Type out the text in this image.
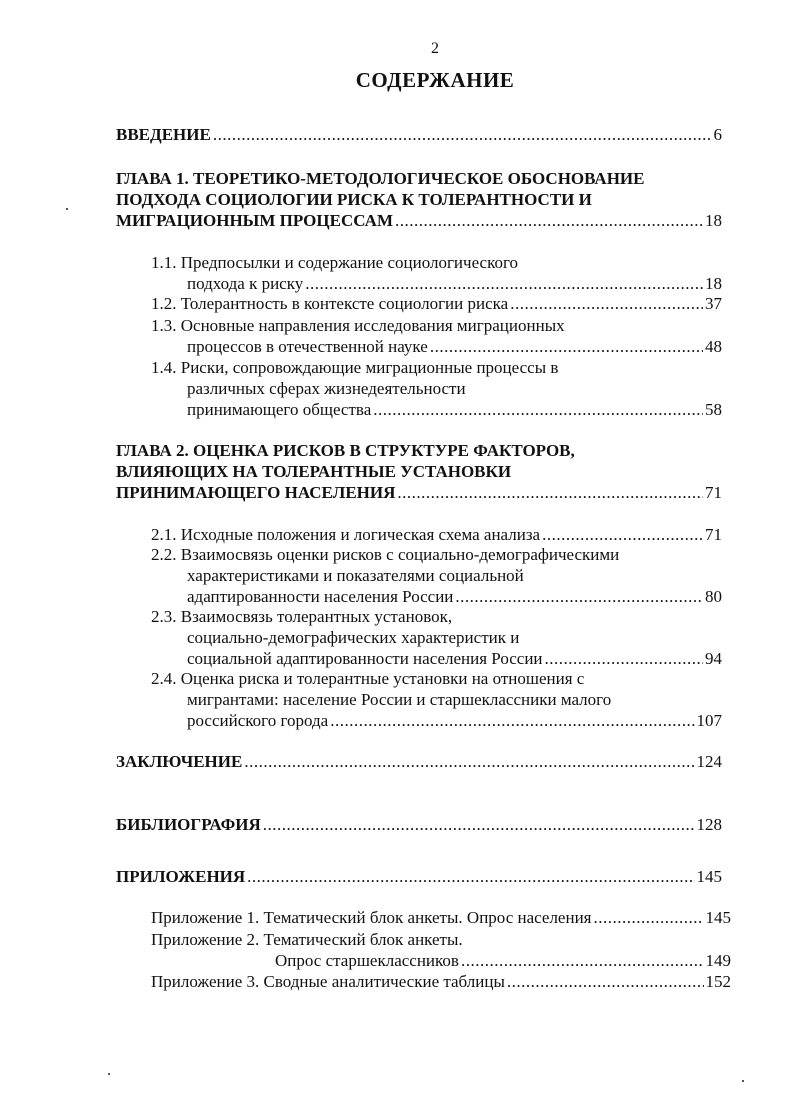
2
СОДЕРЖАНИЕ
ВВЕДЕНИЕ .....	6
ГЛАВА 1. ТЕОРЕТИКО-МЕТОДОЛОГИЧЕСКОЕ ОБОСНОВАНИЕ
ПОДХОДА СОЦИОЛОГИИ РИСКА К ТОЛЕРАНТНОСТИ И
МИГРАЦИОННЫМ ПРОЦЕССАМ .....	18
1.1. Предпосылки и содержание социологического
подхода к риску .....	18
1.2. Толерантность в контексте социологии риска .....	37
1.3. Основные направления исследования миграционных
процессов в отечественной науке .....	48
1.4. Риски, сопровождающие миграционные процессы в
различных сферах жизнедеятельности
принимающего общества .....	58
ГЛАВА 2. ОЦЕНКА РИСКОВ В СТРУКТУРЕ ФАКТОРОВ,
ВЛИЯЮЩИХ НА ТОЛЕРАНТНЫЕ УСТАНОВКИ
ПРИНИМАЮЩЕГО НАСЕЛЕНИЯ .....	71
2.1. Исходные положения и логическая схема анализа .....	71
2.2. Взаимосвязь оценки рисков с социально-демографическими
характеристиками и показателями социальной
адаптированности населения России .....	80
2.3. Взаимосвязь толерантных установок,
социально-демографических характеристик и
социальной адаптированности населения России .....	94
2.4. Оценка риска и толерантные установки на отношения с
мигрантами: население России и старшеклассники малого
российского города .....	107
ЗАКЛЮЧЕНИЕ .....	124
БИБЛИОГРАФИЯ .....	128
ПРИЛОЖЕНИЯ .....	145
Приложение 1. Тематический блок анкеты. Опрос населения .....	145
Приложение 2. Тематический блок анкеты.
Опрос старшеклассников .....	149
Приложение 3. Сводные аналитические таблицы .....	152
